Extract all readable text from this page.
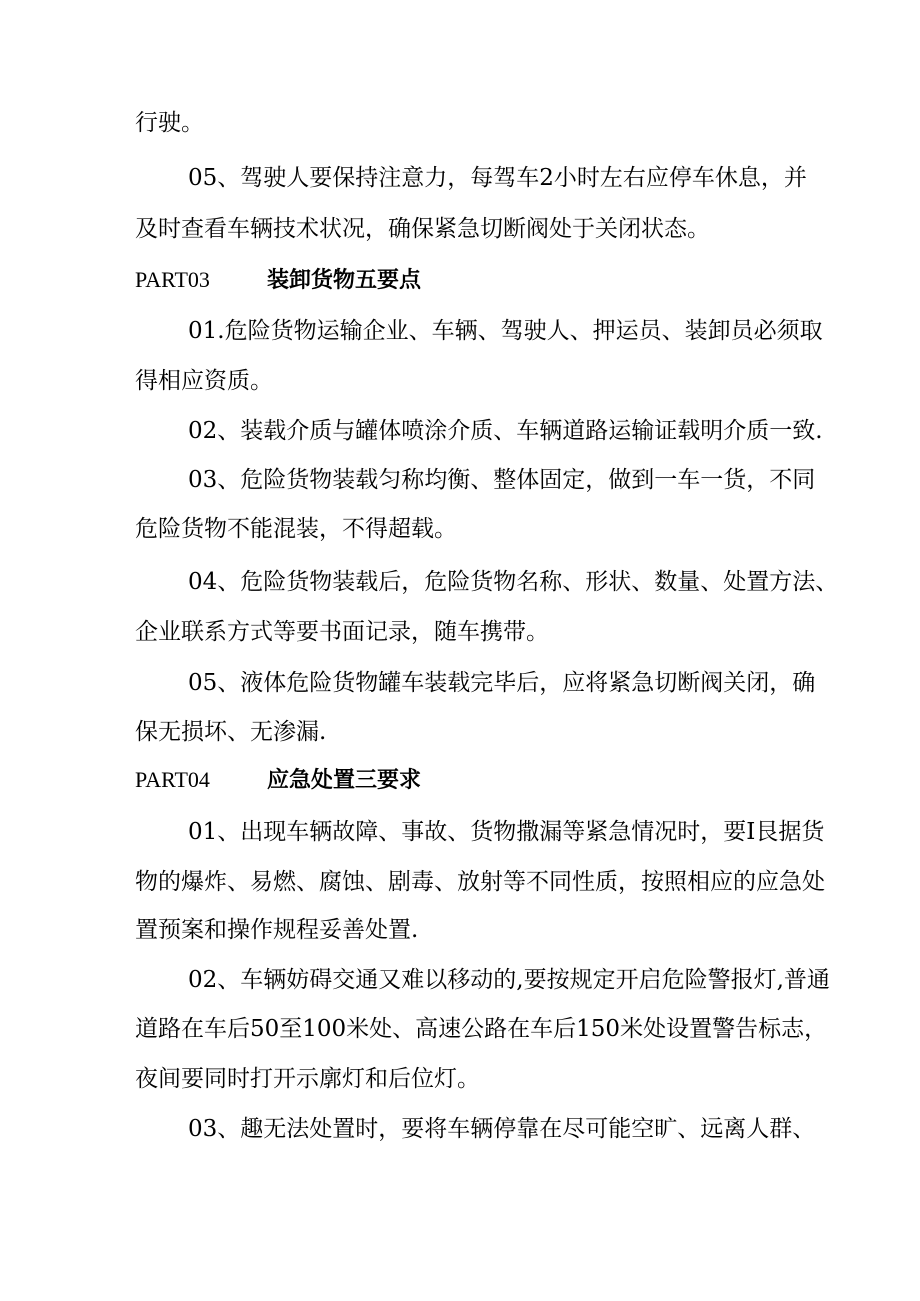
行驶。
05、驾驶人要保持注意力，每驾车2小时左右应停车休息，并
及时查看车辆技术状况，确保紧急切断阀处于关闭状态。
PART03	装卸货物五要点
01.危险货物运输企业、车辆、驾驶人、押运员、装卸员必须取
得相应资质。
02、装载介质与罐体喷涂介质、车辆道路运输证载明介质一致.
03、危险货物装载匀称均衡、整体固定，做到一车一货，不同
危险货物不能混装，不得超载。
04、危险货物装载后，危险货物名称、形状、数量、处置方法、
企业联系方式等要书面记录，随车携带。
05、液体危险货物罐车装载完毕后，应将紧急切断阀关闭，确
保无损坏、无渗漏.
PART04	应急处置三要求
01、出现车辆故障、事故、货物撒漏等紧急情况时，要I艮据货
物的爆炸、易燃、腐蚀、剧毒、放射等不同性质，按照相应的应急处
置预案和操作规程妥善处置.
02、车辆妨碍交通又难以移动的,要按规定开启危险警报灯,普通
道路在车后50至100米处、高速公路在车后150米处设置警告标志，
夜间要同时打开示廓灯和后位灯。
03、趣无法处置时，要将车辆停靠在尽可能空旷、远离人群、
